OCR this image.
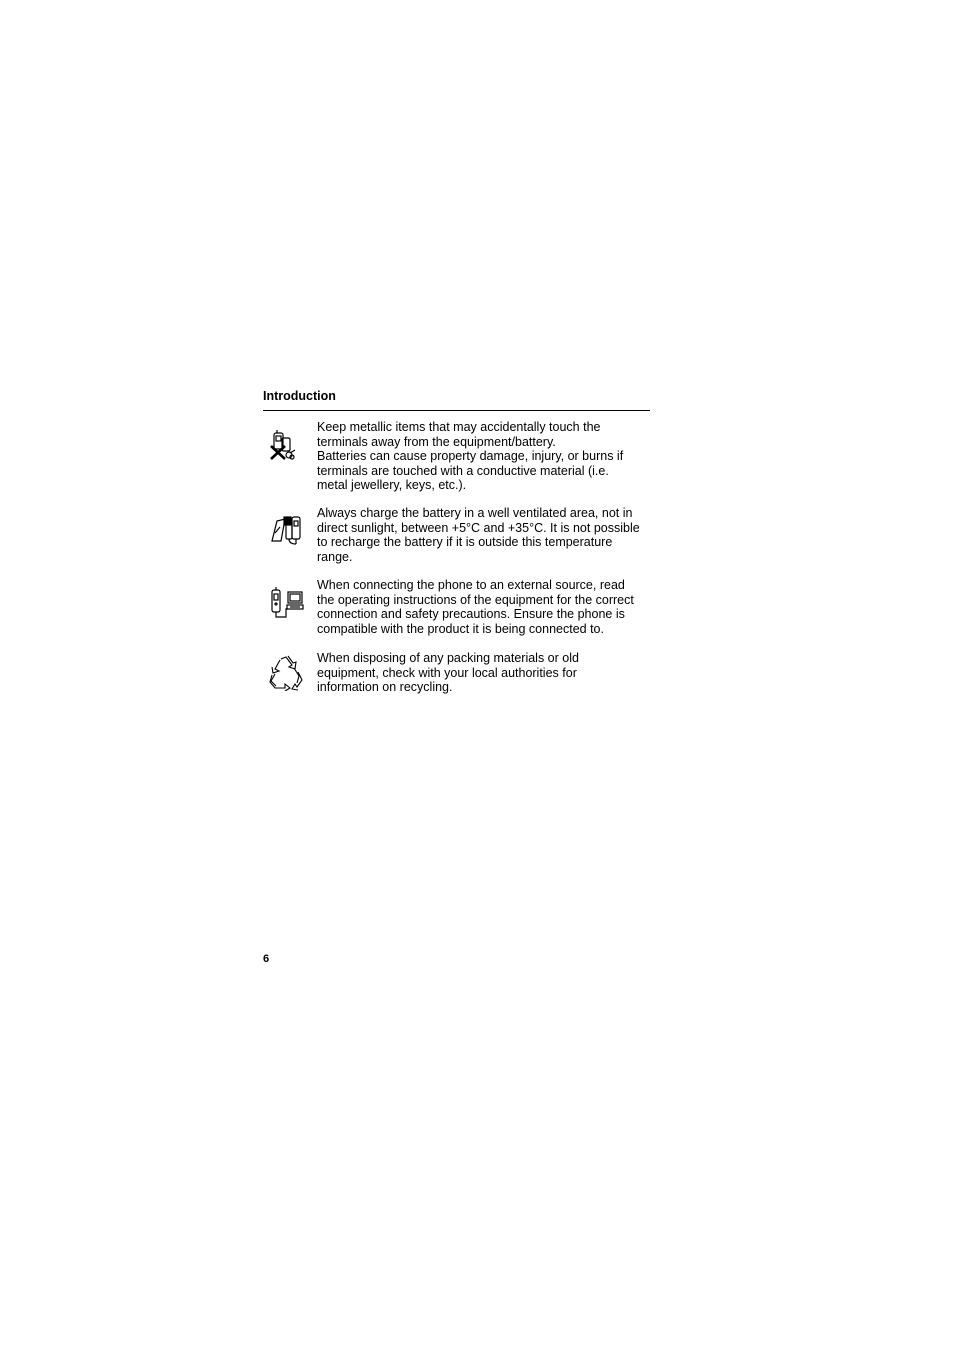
Introduction

Keep metallic items that may accidentally touch the
terminals away from the equipment/battery.
Batteries can cause property damage, injury, or burns if
terminals are touched with a conductive material (i.e.
metal jewellery, keys, etc.).

Always charge the battery in a well ventilated area, not in
direct sunlight, between +5°C and +35°C. It is not possible
to recharge the battery if it is outside this temperature
range.

When connecting the phone to an external source, read
the operating instructions of the equipment for the correct
connection and safety precautions. Ensure the phone is
compatible with the product it is being connected to.

When disposing of any packing materials or old
equipment, check with your local authorities for
information on recycling.

6
